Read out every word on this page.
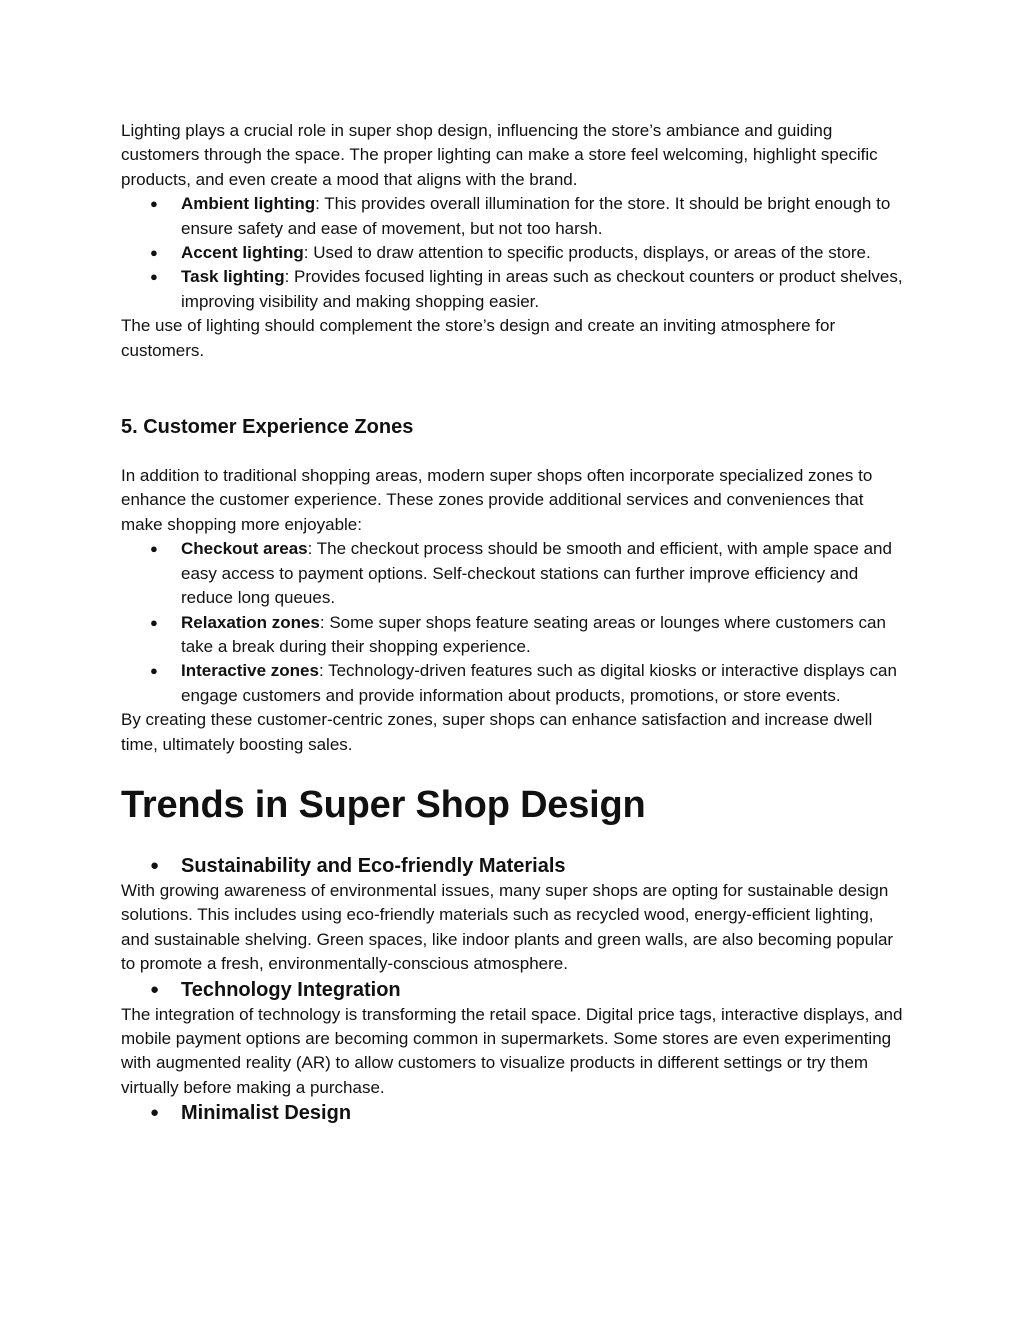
Lighting plays a crucial role in super shop design, influencing the store’s ambiance and guiding customers through the space. The proper lighting can make a store feel welcoming, highlight specific products, and even create a mood that aligns with the brand.

● Ambient lighting: This provides overall illumination for the store. It should be bright enough to ensure safety and ease of movement, but not too harsh.
● Accent lighting: Used to draw attention to specific products, displays, or areas of the store.
● Task lighting: Provides focused lighting in areas such as checkout counters or product shelves, improving visibility and making shopping easier.

The use of lighting should complement the store’s design and create an inviting atmosphere for customers.

5. Customer Experience Zones

In addition to traditional shopping areas, modern super shops often incorporate specialized zones to enhance the customer experience. These zones provide additional services and conveniences that make shopping more enjoyable:

● Checkout areas: The checkout process should be smooth and efficient, with ample space and easy access to payment options. Self-checkout stations can further improve efficiency and reduce long queues.
● Relaxation zones: Some super shops feature seating areas or lounges where customers can take a break during their shopping experience.
● Interactive zones: Technology-driven features such as digital kiosks or interactive displays can engage customers and provide information about products, promotions, or store events.

By creating these customer-centric zones, super shops can enhance satisfaction and increase dwell time, ultimately boosting sales.

Trends in Super Shop Design
● Sustainability and Eco-friendly Materials

With growing awareness of environmental issues, many super shops are opting for sustainable design solutions. This includes using eco-friendly materials such as recycled wood, energy-efficient lighting, and sustainable shelving. Green spaces, like indoor plants and green walls, are also becoming popular to promote a fresh, environmentally-conscious atmosphere.

● Technology Integration

The integration of technology is transforming the retail space. Digital price tags, interactive displays, and mobile payment options are becoming common in supermarkets. Some stores are even experimenting with augmented reality (AR) to allow customers to visualize products in different settings or try them virtually before making a purchase.

● Minimalist Design
